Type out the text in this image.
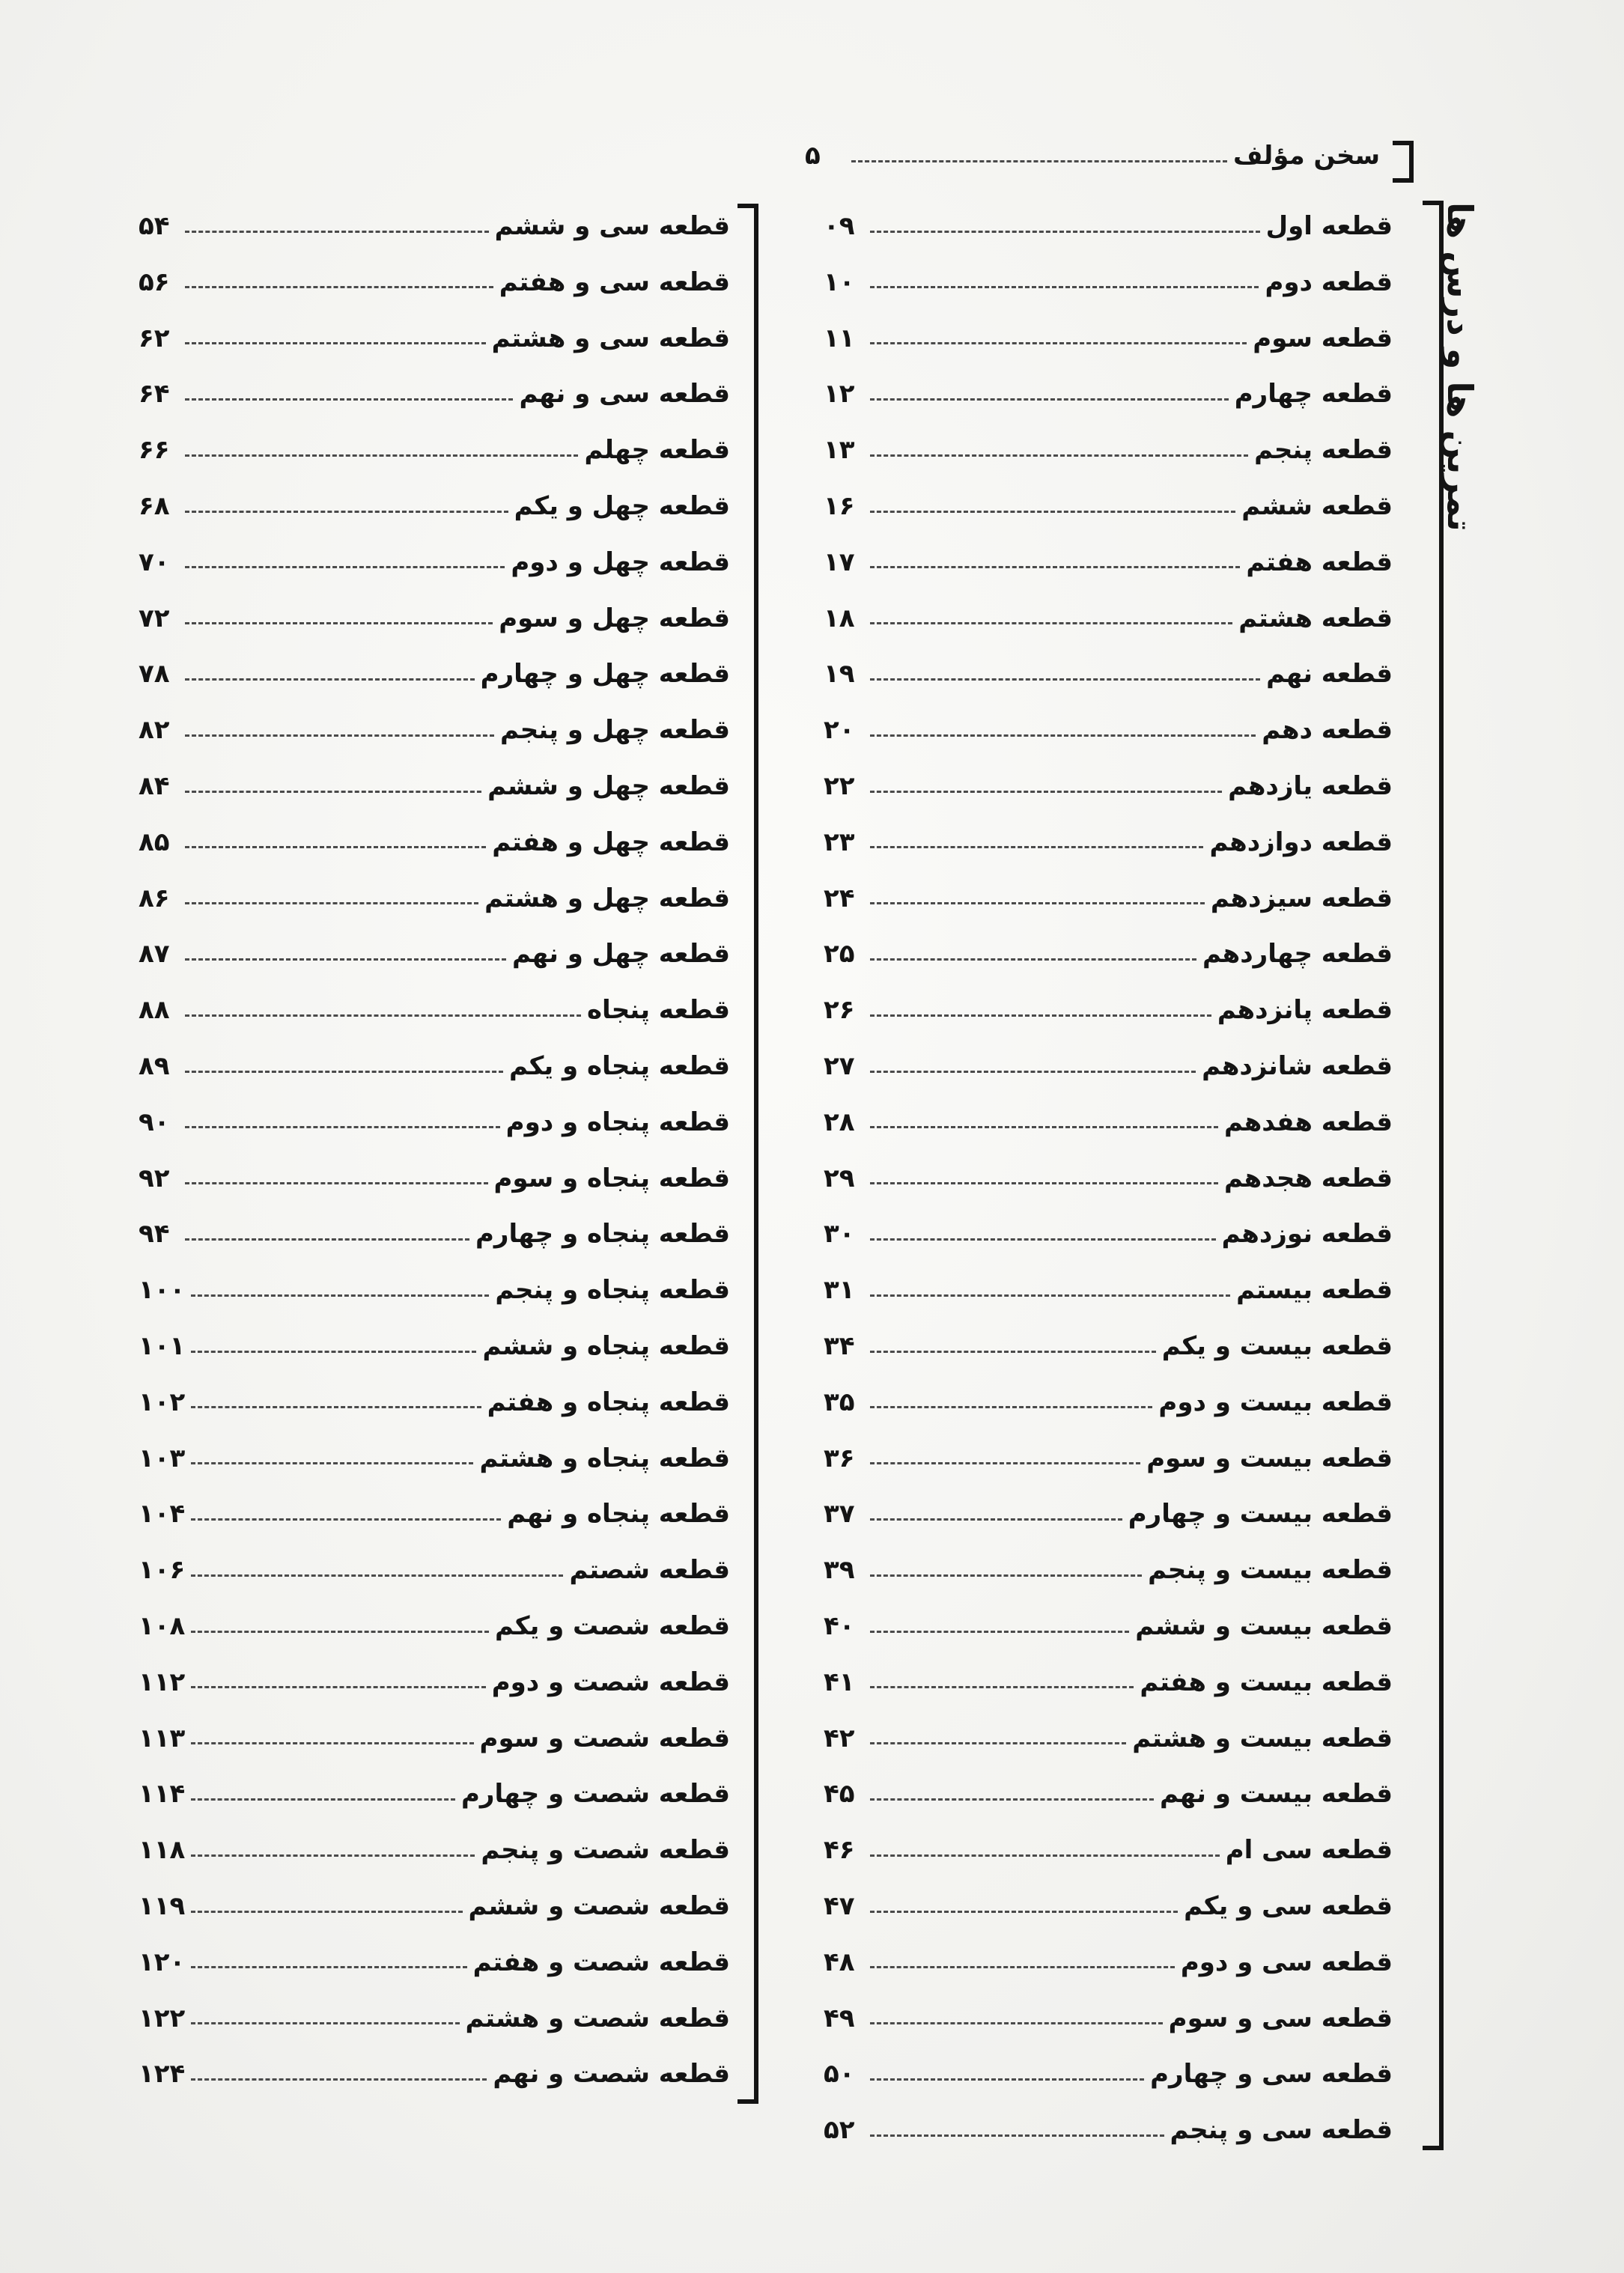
سخن مؤلف
۵
تمرین ها و درس ها
قطعه اول
۰۹
قطعه دوم
۱۰
قطعه سوم
۱۱
قطعه چهارم
۱۲
قطعه پنجم
۱۳
قطعه ششم
۱۶
قطعه هفتم
۱۷
قطعه هشتم
۱۸
قطعه نهم
۱۹
قطعه دهم
۲۰
قطعه یازدهم
۲۲
قطعه دوازدهم
۲۳
قطعه سیزدهم
۲۴
قطعه چهاردهم
۲۵
قطعه پانزدهم
۲۶
قطعه شانزدهم
۲۷
قطعه هفدهم
۲۸
قطعه هجدهم
۲۹
قطعه نوزدهم
۳۰
قطعه بیستم
۳۱
قطعه بیست و یکم
۳۴
قطعه بیست و دوم
۳۵
قطعه بیست و سوم
۳۶
قطعه بیست و چهارم
۳۷
قطعه بیست و پنجم
۳۹
قطعه بیست و ششم
۴۰
قطعه بیست و هفتم
۴۱
قطعه بیست و هشتم
۴۲
قطعه بیست و نهم
۴۵
قطعه سی ام
۴۶
قطعه سی و یکم
۴۷
قطعه سی و دوم
۴۸
قطعه سی و سوم
۴۹
قطعه سی و چهارم
۵۰
قطعه سی و پنجم
۵۲
قطعه سی و ششم
۵۴
قطعه سی و هفتم
۵۶
قطعه سی و هشتم
۶۲
قطعه سی و نهم
۶۴
قطعه چهلم
۶۶
قطعه چهل و یکم
۶۸
قطعه چهل و دوم
۷۰
قطعه چهل و سوم
۷۲
قطعه چهل و چهارم
۷۸
قطعه چهل و پنجم
۸۲
قطعه چهل و ششم
۸۴
قطعه چهل و هفتم
۸۵
قطعه چهل و هشتم
۸۶
قطعه چهل و نهم
۸۷
قطعه پنجاه
۸۸
قطعه پنجاه و یکم
۸۹
قطعه پنجاه و دوم
۹۰
قطعه پنجاه و سوم
۹۲
قطعه پنجاه و چهارم
۹۴
قطعه پنجاه و پنجم
۱۰۰
قطعه پنجاه و ششم
۱۰۱
قطعه پنجاه و هفتم
۱۰۲
قطعه پنجاه و هشتم
۱۰۳
قطعه پنجاه و نهم
۱۰۴
قطعه شصتم
۱۰۶
قطعه شصت و یکم
۱۰۸
قطعه شصت و دوم
۱۱۲
قطعه شصت و سوم
۱۱۳
قطعه شصت و چهارم
۱۱۴
قطعه شصت و پنجم
۱۱۸
قطعه شصت و ششم
۱۱۹
قطعه شصت و هفتم
۱۲۰
قطعه شصت و هشتم
۱۲۲
قطعه شصت و نهم
۱۲۴
